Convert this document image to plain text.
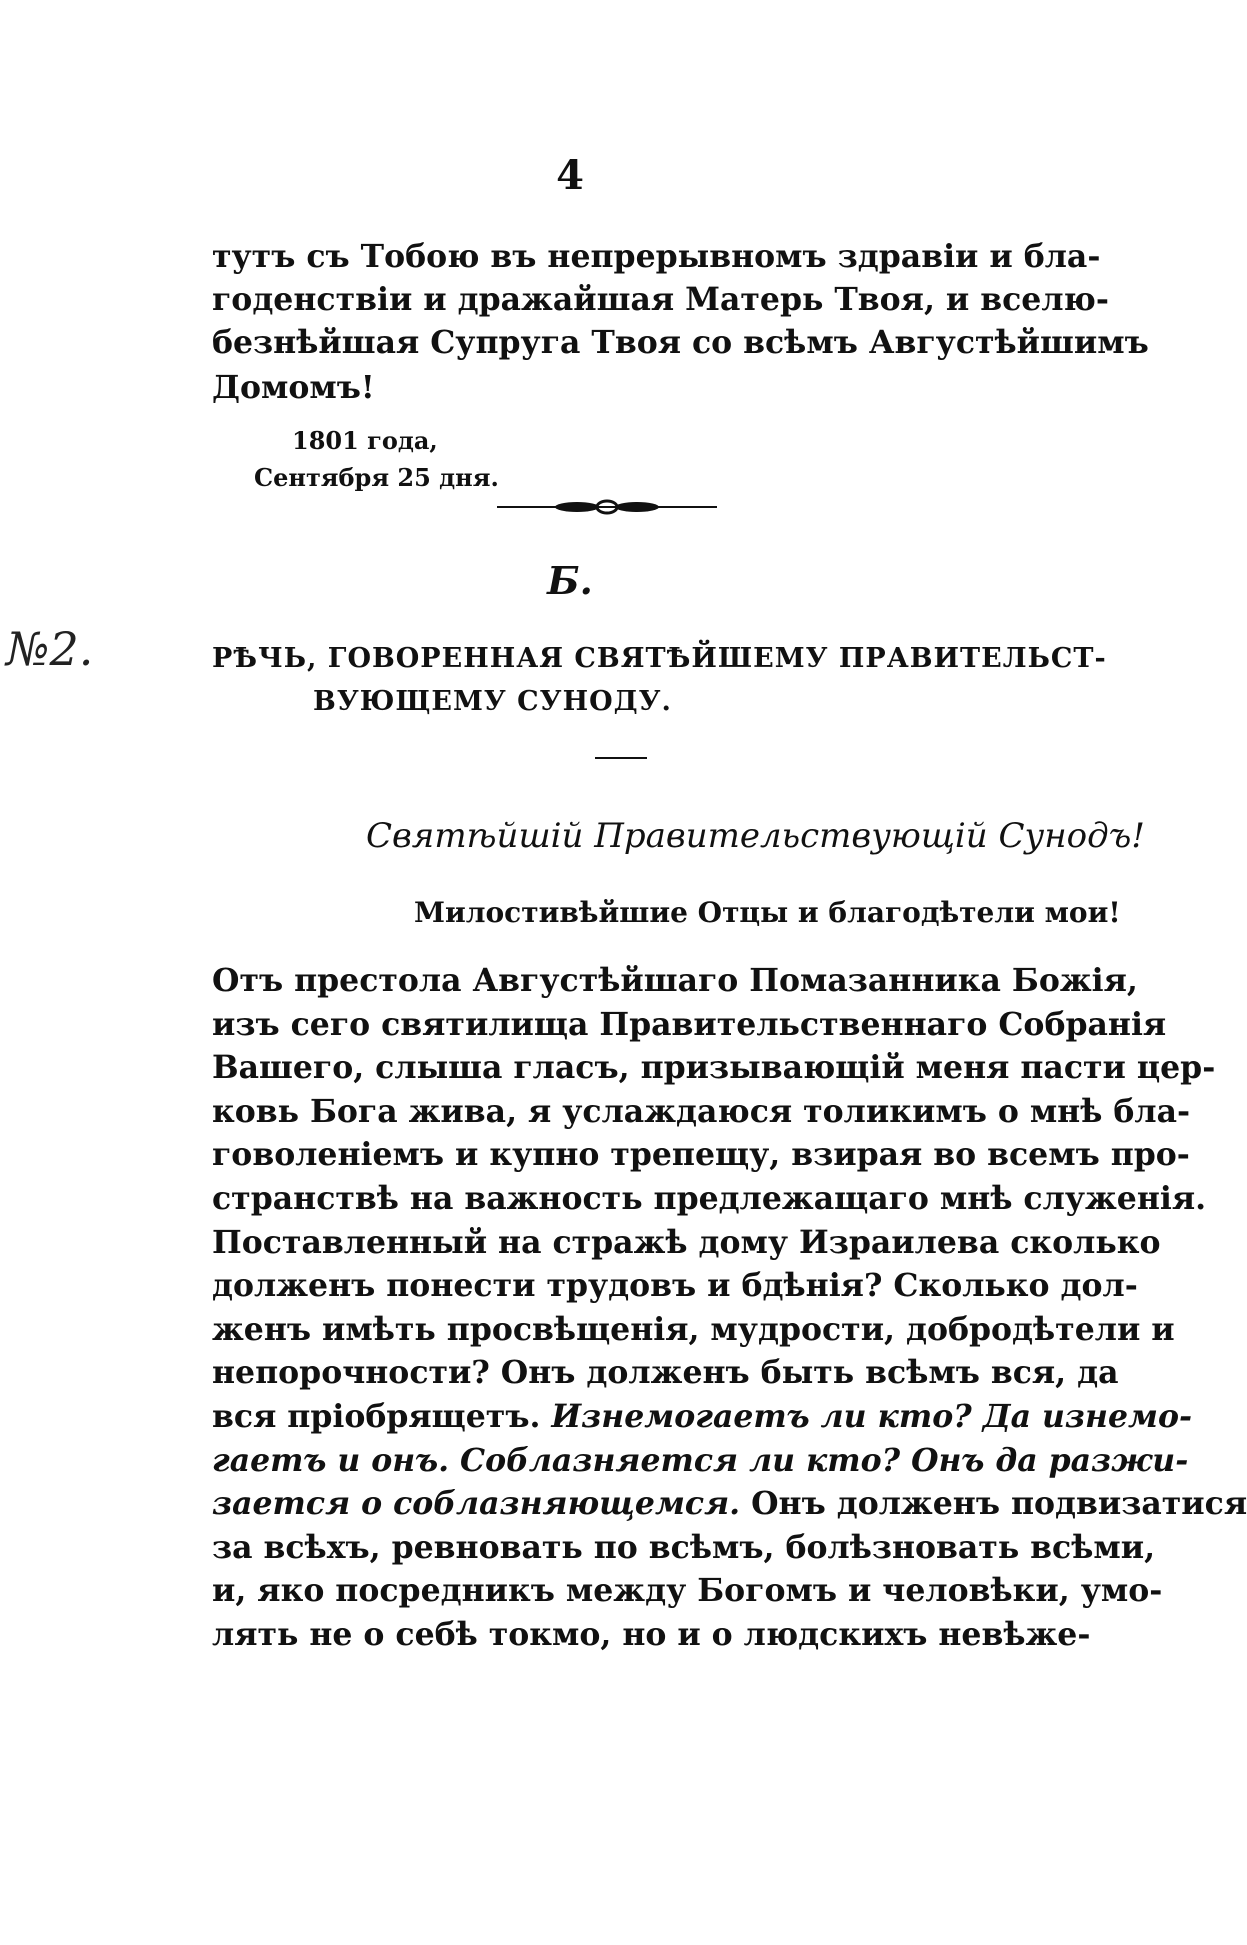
4
тутъ съ Тобою въ непрерывномъ здравіи и бла-
годенствіи и дражайшая Матерь Твоя, и вселю-
безнѣйшая Супруга Твоя со всѣмъ Августѣйшимъ
Домомъ!
1801 года,
Сентября 25 дня.
Б.
№2.	РѢЧЬ, ГОВОРЕННАЯ СВЯТѢЙШЕМУ ПРАВИТЕЛЬСТ-
ВУЮЩЕМУ СУНОДУ.
Святѣйшій Правительствующій Сунодъ!
Милостивѣйшие Отцы и благодѣтели мои!
Отъ престола Августѣйшаго Помазанника Божія,
изъ сего святилища Правительственнаго Собранія
Вашего, слыша гласъ, призывающій меня пасти цер-
ковь Бога жива, я услаждаюся толикимъ о мнѣ бла-
говоленіемъ и купно трепещу, взирая во всемъ про-
странствѣ на важность предлежащаго мнѣ служенія.
Поставленный на стражѣ дому Израилева сколько
долженъ понести трудовъ и бдѣнія? Сколько дол-
женъ имѣть просвѣщенія, мудрости, добродѣтели и
непорочности? Онъ долженъ быть всѣмъ вся, да
вся пріобрящетъ. Изнемогаетъ ли кто? Да изнемо-
гаетъ и онъ. Соблазняется ли кто? Онъ да разжи-
зается о соблазняющемся. Онъ долженъ подвизатися
за всѣхъ, ревновать по всѣмъ, болѣзновать всѣми,
и, яко посредникъ между Богомъ и человѣки, умо-
лять не о себѣ токмо, но и о людскихъ невѣже-
